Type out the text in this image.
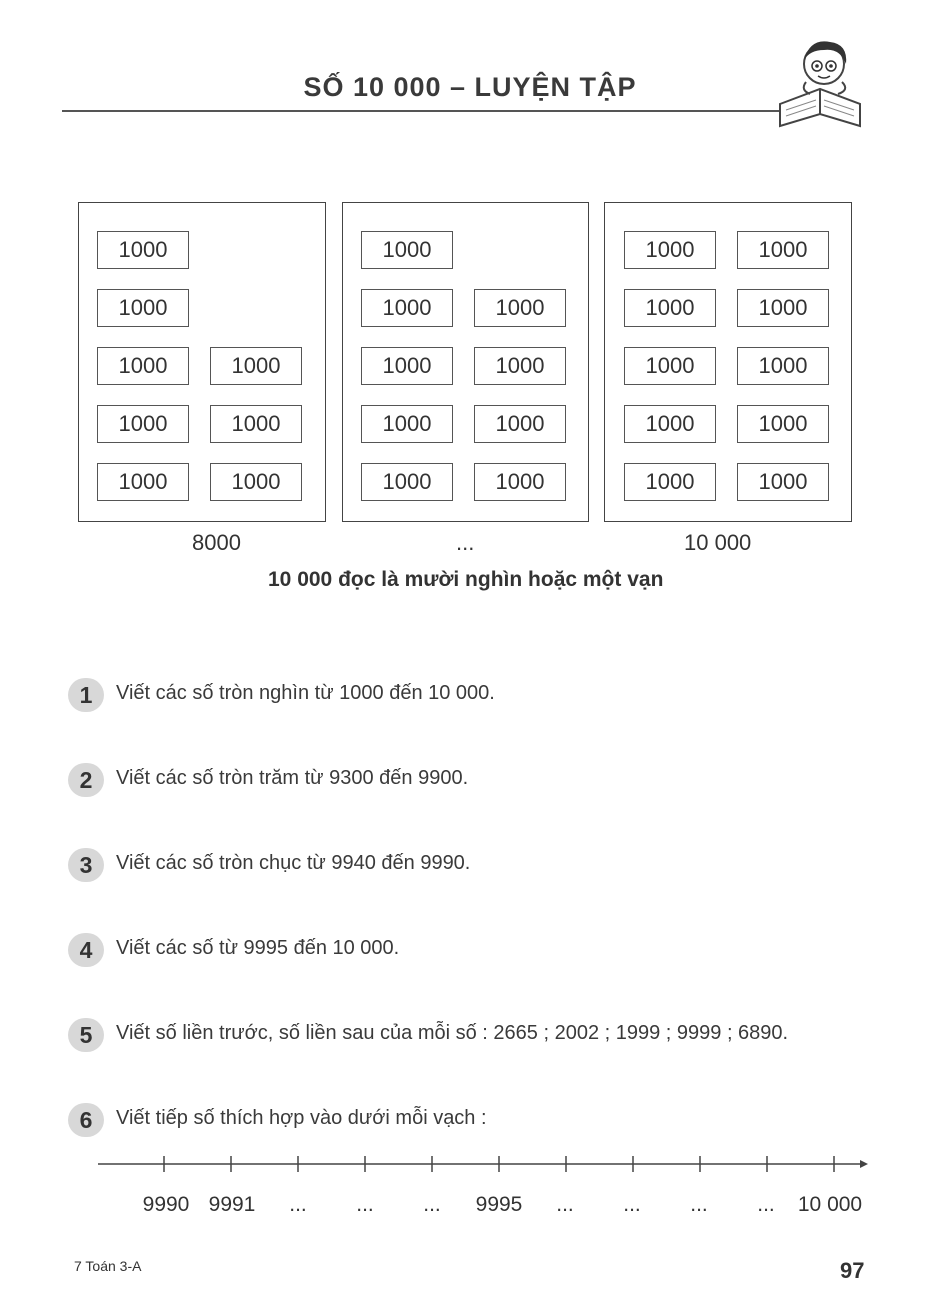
SỐ 10 000 – LUYỆN TẬP
1000
1000
1000	1000
1000	1000
1000	1000
1000
1000	1000
1000	1000
1000	1000
1000	1000
1000	1000
1000	1000
1000	1000
1000	1000
1000	1000
8000	...	10 000
10 000 đọc là mười nghìn hoặc một vạn
1	Viết các số tròn nghìn từ 1000 đến 10 000.
2	Viết các số tròn trăm từ 9300 đến 9900.
3	Viết các số tròn chục từ 9940 đến 9990.
4	Viết các số từ 9995 đến 10 000.
5	Viết số liền trước, số liền sau của mỗi số : 2665 ; 2002 ; 1999 ; 9999 ; 6890.
6	Viết tiếp số thích hợp vào dưới mỗi vạch :
9990 9991 ... ... ... 9995 ... ... ... ... 10 000
7 Toán 3-A	97
